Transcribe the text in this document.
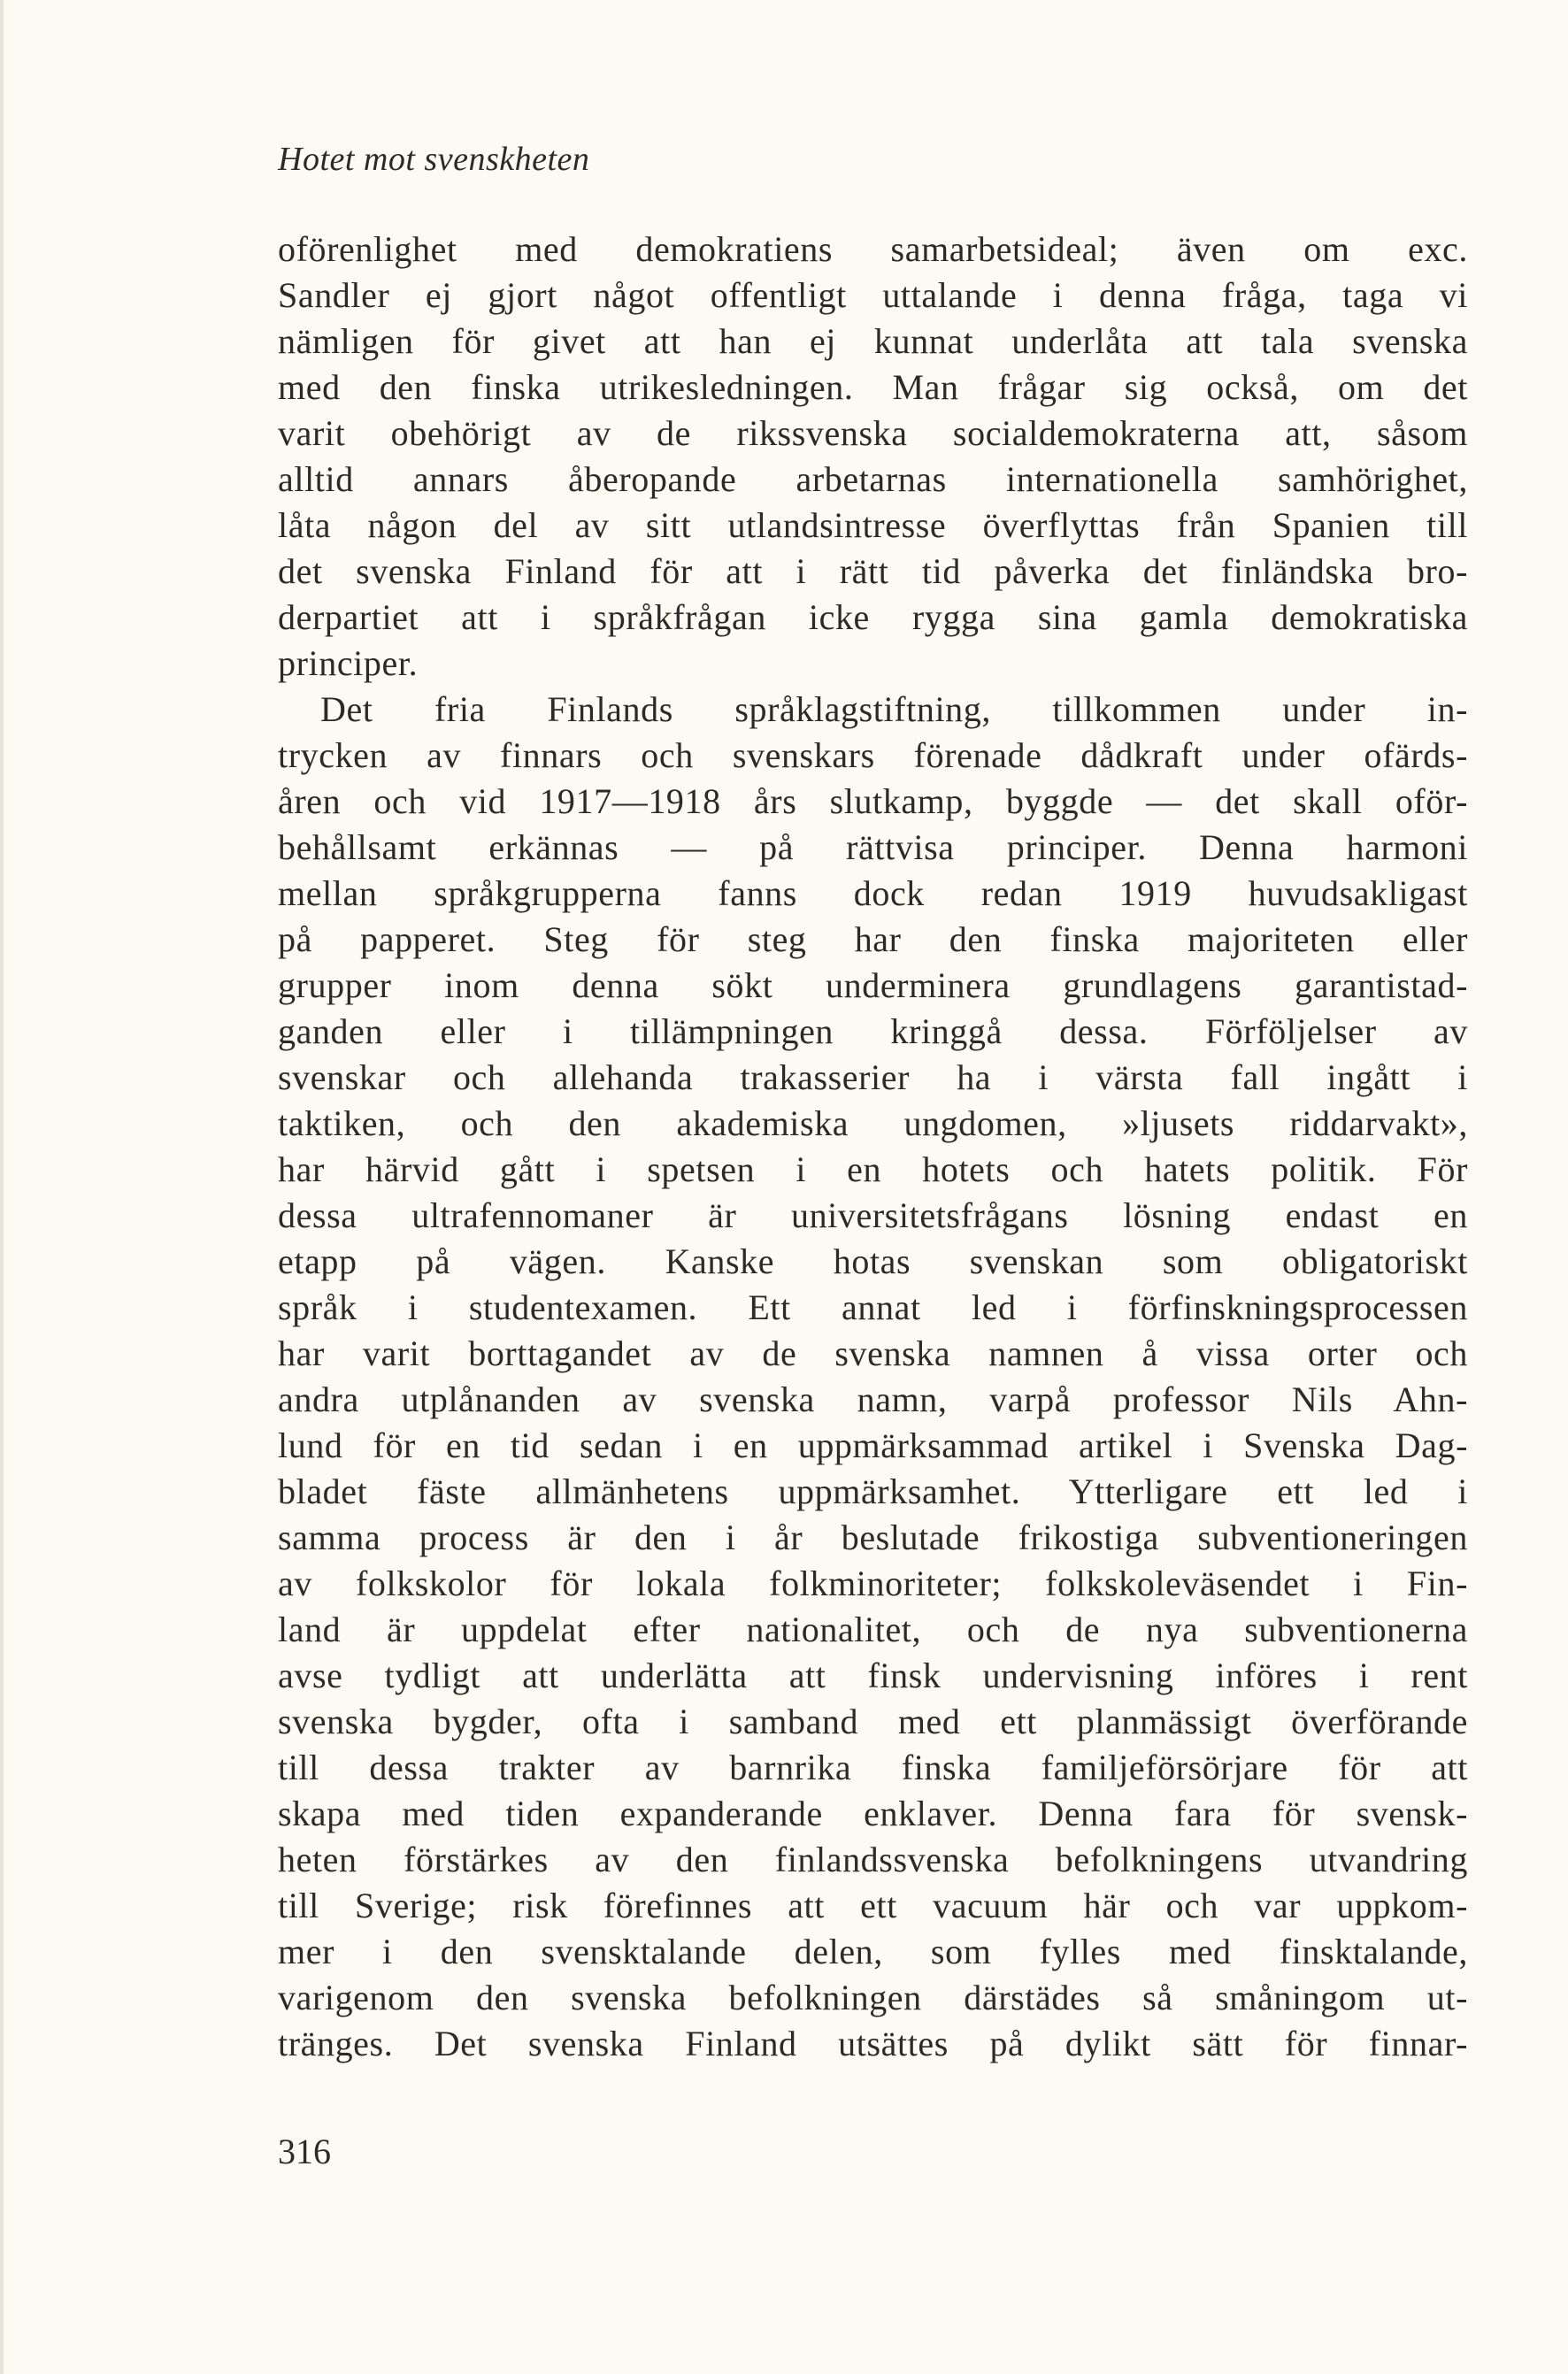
Hotet mot svenskheten
oförenlighet med demokratiens samarbetsideal; även om exc.
Sandler ej gjort något offentligt uttalande i denna fråga, taga vi
nämligen för givet att han ej kunnat underlåta att tala svenska
med den finska utrikesledningen. Man frågar sig också, om det
varit obehörigt av de rikssvenska socialdemokraterna att, såsom
alltid annars åberopande arbetarnas internationella samhörighet,
låta någon del av sitt utlandsintresse överflyttas från Spanien till
det svenska Finland för att i rätt tid påverka det finländska bro-
derpartiet att i språkfrågan icke rygga sina gamla demokratiska
principer.
Det fria Finlands språklagstiftning, tillkommen under in-
trycken av finnars och svenskars förenade dådkraft under ofärds-
åren och vid 1917—1918 års slutkamp, byggde — det skall oför-
behållsamt erkännas — på rättvisa principer. Denna harmoni
mellan språkgrupperna fanns dock redan 1919 huvudsakligast
på papperet. Steg för steg har den finska majoriteten eller
grupper inom denna sökt underminera grundlagens garantistad-
ganden eller i tillämpningen kringgå dessa. Förföljelser av
svenskar och allehanda trakasserier ha i värsta fall ingått i
taktiken, och den akademiska ungdomen, »ljusets riddarvakt»,
har härvid gått i spetsen i en hotets och hatets politik. För
dessa ultrafennomaner är universitetsfrågans lösning endast en
etapp på vägen. Kanske hotas svenskan som obligatoriskt
språk i studentexamen. Ett annat led i förfinskningsprocessen
har varit borttagandet av de svenska namnen å vissa orter och
andra utplånanden av svenska namn, varpå professor Nils Ahn-
lund för en tid sedan i en uppmärksammad artikel i Svenska Dag-
bladet fäste allmänhetens uppmärksamhet. Ytterligare ett led i
samma process är den i år beslutade frikostiga subventioneringen
av folkskolor för lokala folkminoriteter; folkskoleväsendet i Fin-
land är uppdelat efter nationalitet, och de nya subventionerna
avse tydligt att underlätta att finsk undervisning införes i rent
svenska bygder, ofta i samband med ett planmässigt överförande
till dessa trakter av barnrika finska familjeförsörjare för att
skapa med tiden expanderande enklaver. Denna fara för svensk-
heten förstärkes av den finlandssvenska befolkningens utvandring
till Sverige; risk förefinnes att ett vacuum här och var uppkom-
mer i den svensktalande delen, som fylles med finsktalande,
varigenom den svenska befolkningen därstädes så småningom ut-
tränges. Det svenska Finland utsättes på dylikt sätt för finnar-
316
